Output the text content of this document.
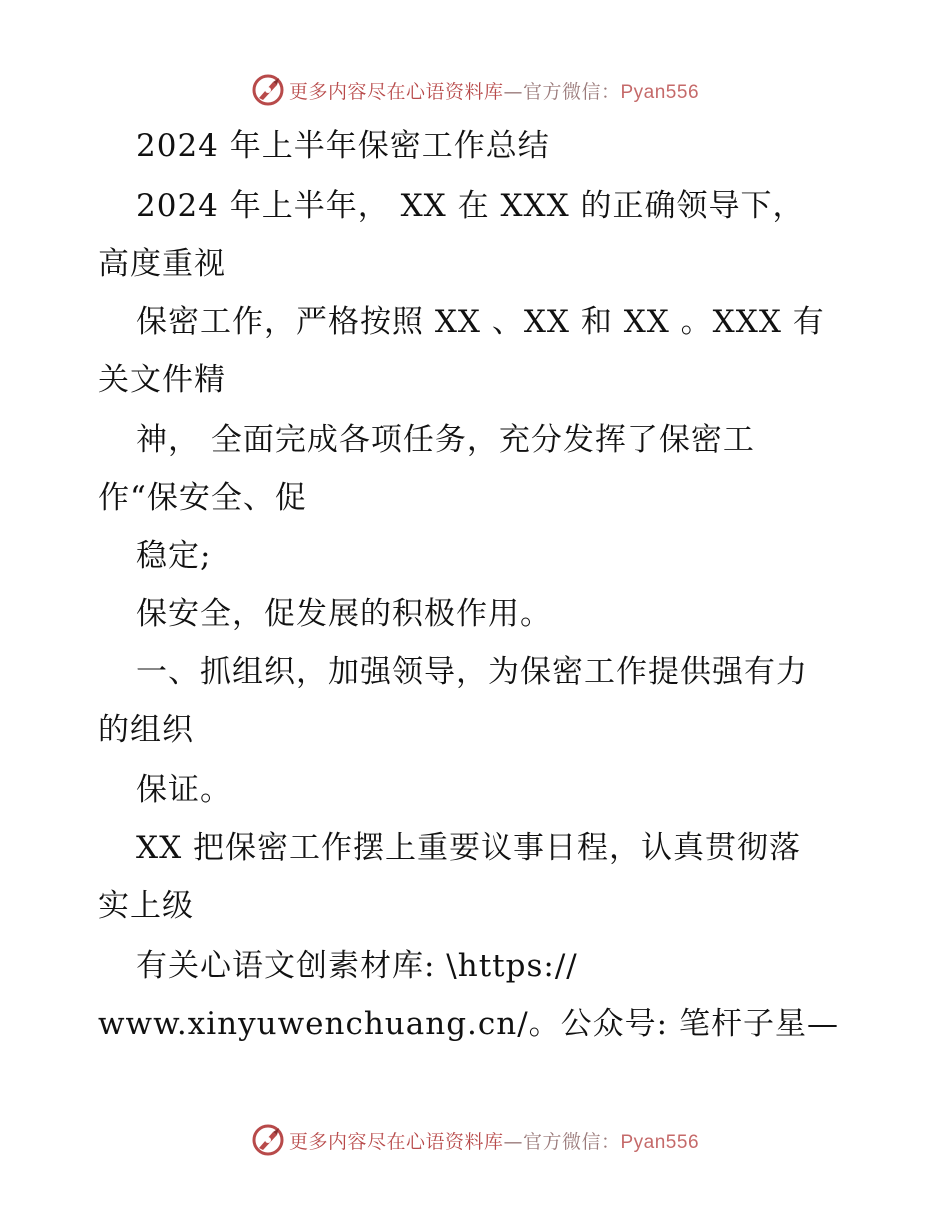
更多内容尽在心语资料库—官方微信：Pyan556
2024 年上半年保密工作总结
2024 年上半年， XX 在 XXX 的正确领导下，
高度重视
保密工作，严格按照 XX 、XX 和 XX 。XXX 有
关文件精
神， 全面完成各项任务，充分发挥了保密工
作“保安全、促
稳定;
保安全，促发展的积极作用。
一、抓组织，加强领导，为保密工作提供强有力
的组织
保证。
XX 把保密工作摆上重要议事日程，认真贯彻落
实上级
有关心语文创素材库: \https://
www.xinyuwenchuang.cn/。公众号: 笔杆子星—
更多内容尽在心语资料库—官方微信：Pyan556
